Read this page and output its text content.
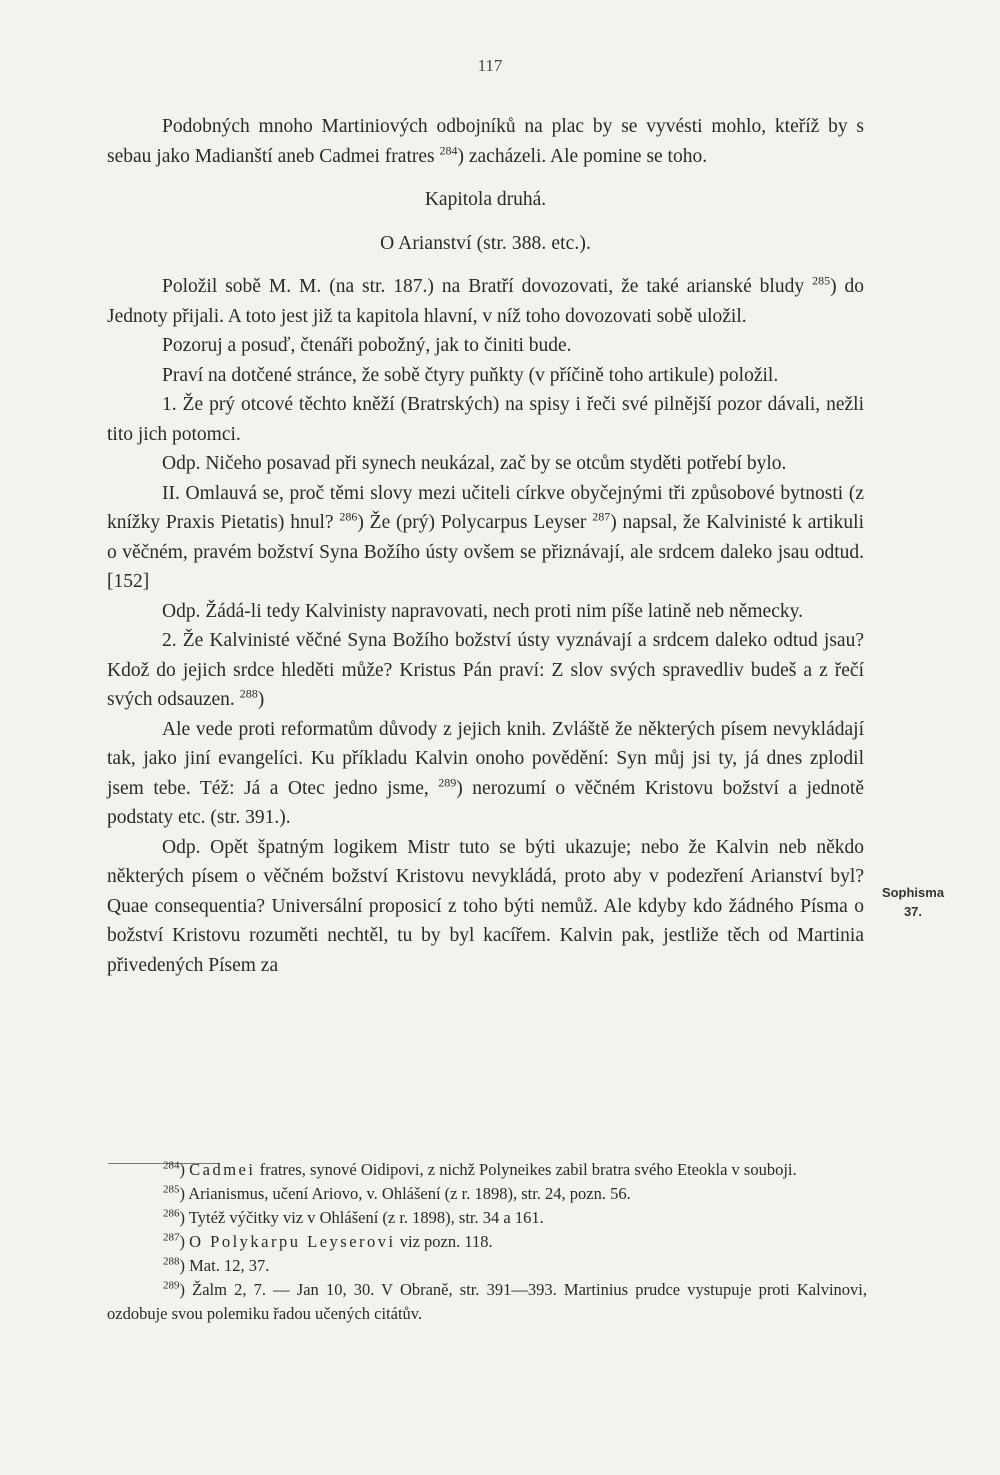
117

Podobných mnoho Martiniových odbojníků na plac by se vyvésti mohlo, kteříž by s sebau jako Madianští aneb Cadmei fratres $^{284}$) zacházeli. Ale pomine se toho.

Kapitola druhá.

O Arianství (str. 388. etc.).

Položil sobě M. M. (na str. 187.) na Bratří dovozovati, že také arianské bludy $^{285}$) do Jednoty přijali. A toto jest již ta kapitola hlavní, v níž toho dovozovati sobě uložil.

Pozoruj a posuď, čtenáři pobožný, jak to činiti bude.

Praví na dotčené stránce, že sobě čtyry puňkty (v příčině toho artikule) položil.

1. Že prý otcové těchto kněží (Bratrských) na spisy i řeči své pilnější pozor dávali, nežli tito jich potomci.

Odp. Ničeho posavad při synech neukázal, zač by se otcům styděti potřebí bylo.

II. Omlauvá se, proč těmi slovy mezi učiteli církve obyčejnými tři způsobové bytnosti (z knížky Praxis Pietatis) hnul? $^{286}$) Že (prý) Polycarpus Leyser $^{287}$) napsal, že Kalvinisté k artikuli o věčném, pravém božství Syna Božího ústy ovšem se přiznávají, ale srdcem daleko jsau odtud. [152]

Odp. Žádá-li tedy Kalvinisty napravovati, nech proti nim píše latině neb německy.

2. Že Kalvinisté věčné Syna Božího božství ústy vyznávají a srdcem daleko odtud jsau? Kdož do jejich srdce hleděti může? Kristus Pán praví: Z slov svých spravedliv budeš a z řečí svých odsauzen. $^{288}$)

Ale vede proti reformatům důvody z jejich knih. Zvláště že některých písem nevykládají tak, jako jiní evangelíci. Ku příkladu Kalvin onoho povědění: Syn můj jsi ty, já dnes zplodil jsem tebe. Též: Já a Otec jedno jsme, $^{289}$) nerozumí o věčném Kristovu božství a jednotě podstaty etc. (str. 391.).

Odp. Opět špatným logikem Mistr tuto se býti ukazuje; nebo že Kalvin neb někdo některých písem o věčném božství Kristovu nevykládá, proto aby v podezření Arianství byl? Quae consequentia? Universální proposicí z toho býti nemůž. Ale kdyby kdo žádného Písma o božství Kristovu rozuměti nechtěl, tu by byl kacířem. Kalvin pak, jestliže těch od Martinia přivedených Písem za

Sophisma
37.

$^{284}$) Cadmei fratres, synové Oidipovi, z nichž Polyneikes zabil bratra svého Eteokla v souboji.

$^{285}$) Arianismus, učení Ariovo, v. Ohlášení (z r. 1898), str. 24, pozn. 56.

$^{286}$) Tytéž výčitky viz v Ohlášení (z r. 1898), str. 34 a 161.

$^{287}$) O Polykarpu Leyserovi viz pozn. 118.

$^{288}$) Mat. 12, 37.

$^{289}$) Žalm 2, 7. — Jan 10, 30. V Obraně, str. 391—393. Martinius prudce vystupuje proti Kalvinovi, ozdobuje svou polemiku řadou učených citátův.
